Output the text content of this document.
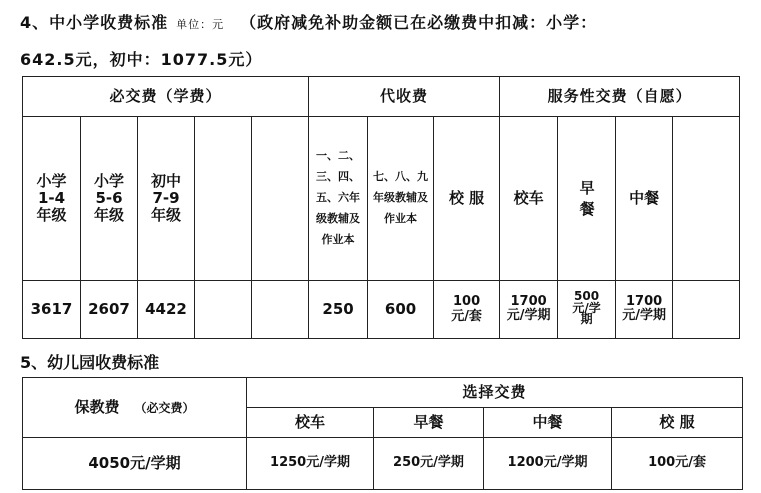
4、中小学收费标准 单位：元 （政府减免补助金额已在必缴费中扣减：小学：
642.5元，初中：1077.5元）
必交费（学费）					代收费			服务性交费（自愿）			
小学1-4年级	小学5-6年级	初中7-9年级			一、二、三、四、五、六年级教辅及作业本	七、八、九 年级教辅及作业本	校 服	校车	早餐	中餐	
3617	2607	4422			250	600	100元/套	1700元/学期	500元/学期	1700元/学期	
5、幼儿园收费标准
保教费 （必交费）	选择交费			
	校车	早餐	中餐	校 服
4050元/学期	1250元/学期	250元/学期	1200元/学期	100元/套
